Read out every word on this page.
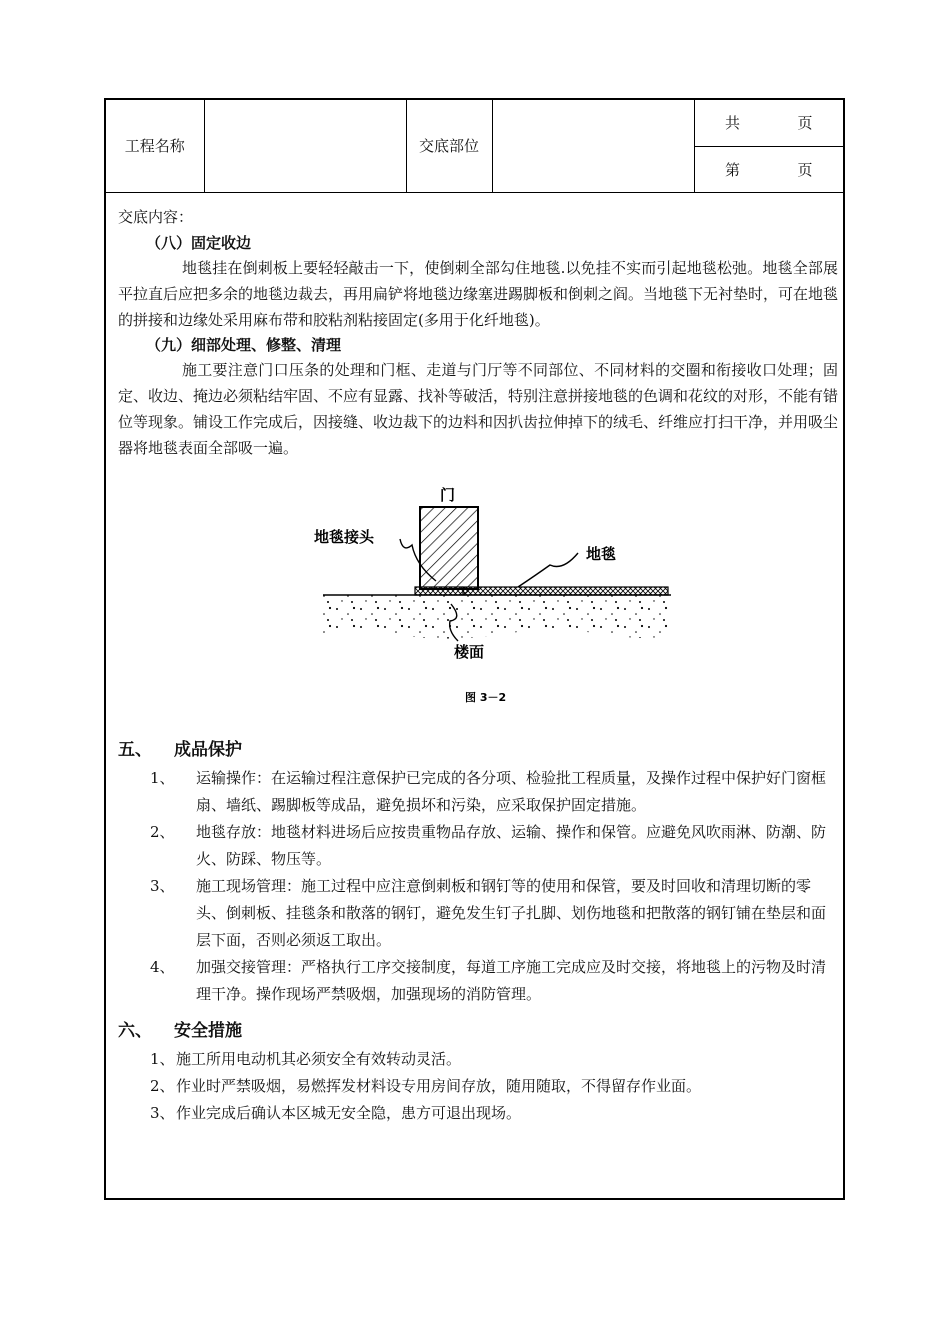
工程名称		交底部位		共	页
第	页
交底内容：
（八）固定收边

地毯挂在倒刺板上要轻轻敲击一下，使倒刺全部勾住地毯.以免挂不实而引起地毯松弛。地毯全部展平拉直后应把多余的地毯边裁去，再用扁铲将地毯边缘塞进踢脚板和倒刺之阎。当地毯下无衬垫时，可在地毯的拼接和边缘处采用麻布带和胶粘剂粘接固定(多用于化纤地毯)。

（九）细部处理、修整、清理

施工要注意门口压条的处理和门框、走道与门厅等不同部位、不同材料的交圈和衔接收口处理；固定、收边、掩边必须粘结牢固、不应有显露、找补等破活，特别注意拼接地毯的色调和花纹的对形，不能有错位等现象。铺设工作完成后，因接缝、收边裁下的边料和因扒齿拉伸掉下的绒毛、纤维应打扫干净，并用吸尘器将地毯表面全部吸一遍。

门
地毯接头
地毯
楼面
图 3－2
五、 成品保护
1、 运输操作：在运输过程注意保护已完成的各分项、检验批工程质量，及操作过程中保护好门窗框扇、墙纸、踢脚板等成品，避免损坏和污染，应采取保护固定措施。
2、 地毯存放：地毯材料进场后应按贵重物品存放、运输、操作和保管。应避免风吹雨淋、防潮、防火、防踩、物压等。
3、 施工现场管理：施工过程中应注意倒刺板和钢钉等的使用和保管，要及时回收和清理切断的零头、倒刺板、挂毯条和散落的钢钉，避免发生钉子扎脚、划伤地毯和把散落的钢钉铺在垫层和面层下面，否则必须返工取出。
4、 加强交接管理：严格执行工序交接制度，每道工序施工完成应及时交接，将地毯上的污物及时清理干净。操作现场严禁吸烟，加强现场的消防管理。
六、 安全措施
1、 施工所用电动机其必须安全有效转动灵活。
2、 作业时严禁吸烟，易燃挥发材料设专用房间存放，随用随取，不得留存作业面。
3、 作业完成后确认本区城无安全隐，患方可退出现场。
